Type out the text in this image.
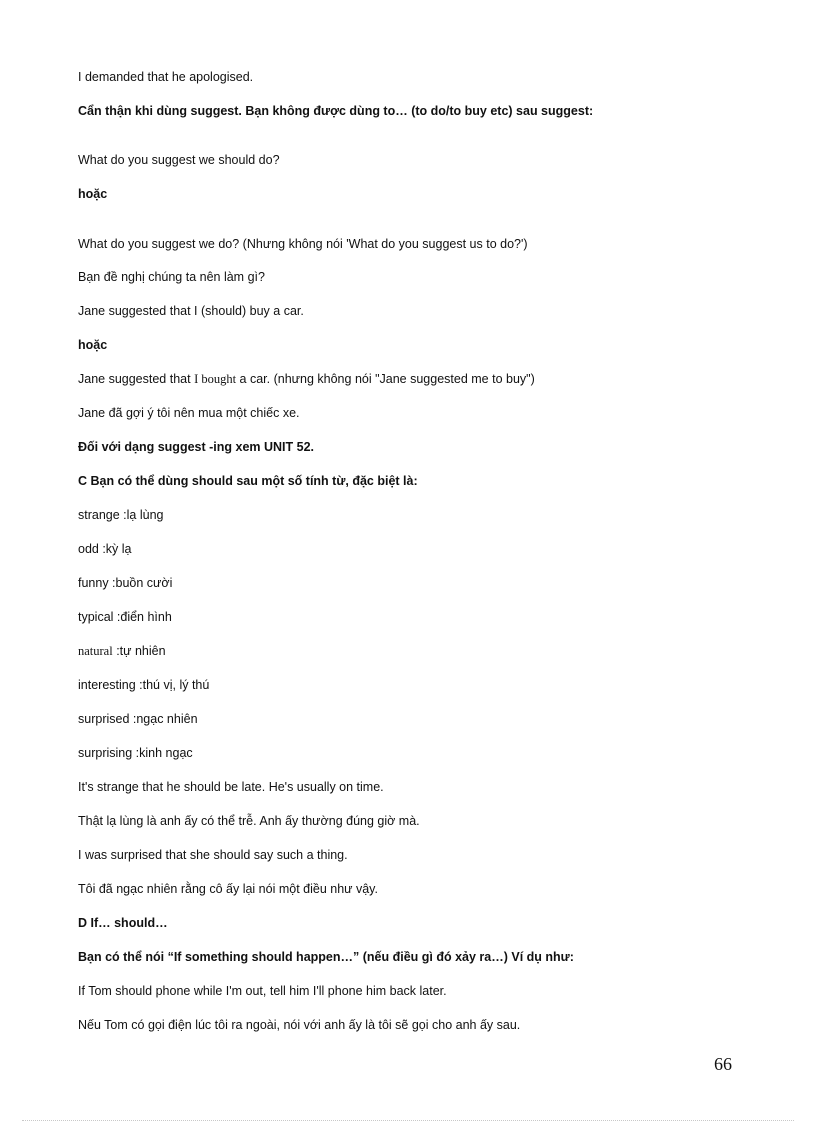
I demanded that he apologised.
Cẩn thận khi dùng suggest. Bạn không được dùng to… (to do/to buy etc) sau suggest:
What do you suggest we should do?
hoặc
What do you suggest we do? (Nhưng không nói 'What do you suggest us to do?')
Bạn đề nghị chúng ta nên làm gì?
Jane suggested that I (should) buy a car.
hoặc
Jane suggested that I bought a car. (nhưng không nói "Jane suggested me to buy")
Jane đã gợi ý tôi nên mua một chiếc xe.
Đối với dạng suggest -ing xem UNIT 52.
C Bạn có thể dùng should sau một số tính từ, đặc biệt là:
strange :lạ lùng
odd :kỳ lạ
funny :buồn cười
typical :điển hình
natural :tự nhiên
interesting :thú vị, lý thú
surprised :ngạc nhiên
surprising :kinh ngạc
It's strange that he should be late. He's usually on time.
Thật lạ lùng là anh ấy có thể trễ. Anh ấy thường đúng giờ mà.
I was surprised that she should say such a thing.
Tôi đã ngạc nhiên rằng cô ấy lại nói một điều như vậy.
D If… should…
Bạn có thể nói “If something should happen…” (nếu điều gì đó xảy ra…) Ví dụ như:
If Tom should phone while I'm out, tell him I'll phone him back later.
Nếu Tom có gọi điện lúc tôi ra ngoài, nói với anh ấy là tôi sẽ gọi cho anh ấy sau.
66
